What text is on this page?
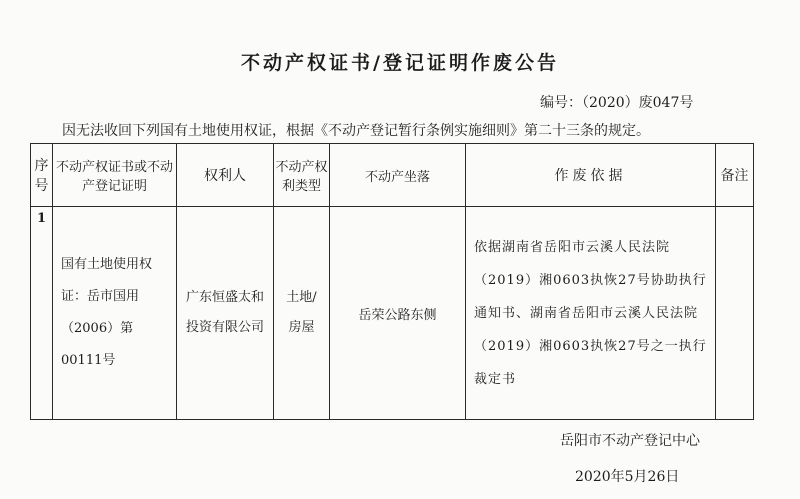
不动产权证书/登记证明作废公告
编号：（2020）废047号
因无法收回下列国有土地使用权证，根据《不动产登记暂行条例实施细则》第二十三条的规定。
序号	不动产权证书或不动产登记证明	权利人	不动产权利类型	不动产坐落	作废依据	备注
1	国有土地使用权证：岳市国用（2006）第00111号	广东恒盛太和投资有限公司	土地/房屋	岳荣公路东侧	依据湖南省岳阳市云溪人民法院（2019）湘0603执恢27号协助执行通知书、湖南省岳阳市云溪人民法院（2019）湘0603执恢27号之一执行裁定书	
岳阳市不动产登记中心
2020年5月26日
